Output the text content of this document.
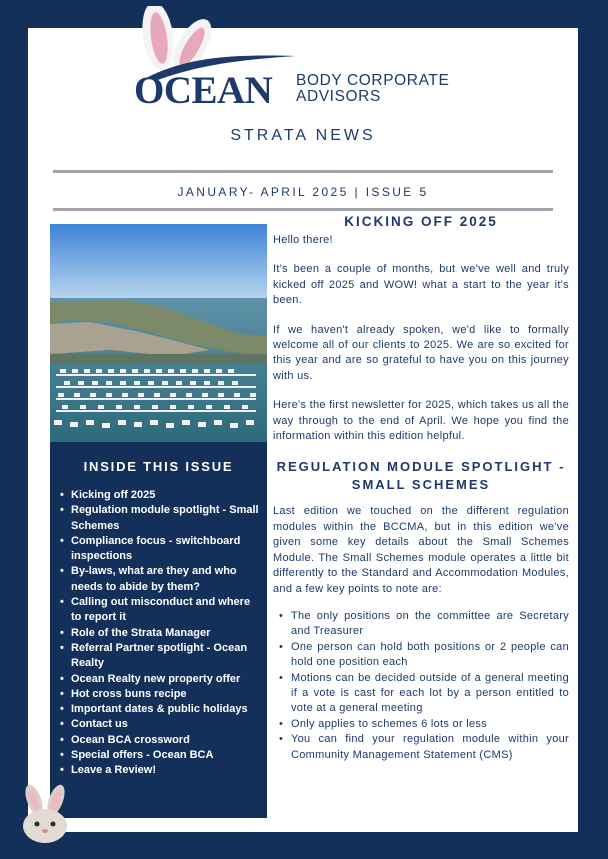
OCEAN BODY CORPORATE
ADVISORS
STRATA NEWS
JANUARY- APRIL 2025 | ISSUE 5
INSIDE THIS ISSUE
• Kicking off 2025
• Regulation module spotlight - Small Schemes
• Compliance focus - switchboard inspections
• By-laws, what are they and who needs to abide by them?
• Calling out misconduct and where to report it
• Role of the Strata Manager
• Referral Partner spotlight - Ocean Realty
• Ocean Realty new property offer
• Hot cross buns recipe
• Important dates & public holidays
• Contact us
• Ocean BCA crossword
• Special offers - Ocean BCA
• Leave a Review!
KICKING OFF 2025

Hello there!

It's been a couple of months, but we've well and truly kicked off 2025 and WOW! what a start to the year it's been.

If we haven't already spoken, we'd like to formally welcome all of our clients to 2025. We are so excited for this year and are so grateful to have you on this journey with us.

Here's the first newsletter for 2025, which takes us all the way through to the end of April. We hope you find the information within this edition helpful.

REGULATION MODULE SPOTLIGHT - SMALL SCHEMES

Last edition we touched on the different regulation modules within the BCCMA, but in this edition we've given some key details about the Small Schemes Module. The Small Schemes module operates a little bit differently to the Standard and Accommodation Modules, and a few key points to note are:

• The only positions on the committee are Secretary and Treasurer
• One person can hold both positions or 2 people can hold one position each
• Motions can be decided outside of a general meeting if a vote is cast for each lot by a person entitled to vote at a general meeting
• Only applies to schemes 6 lots or less
• You can find your regulation module within your Community Management Statement (CMS)
